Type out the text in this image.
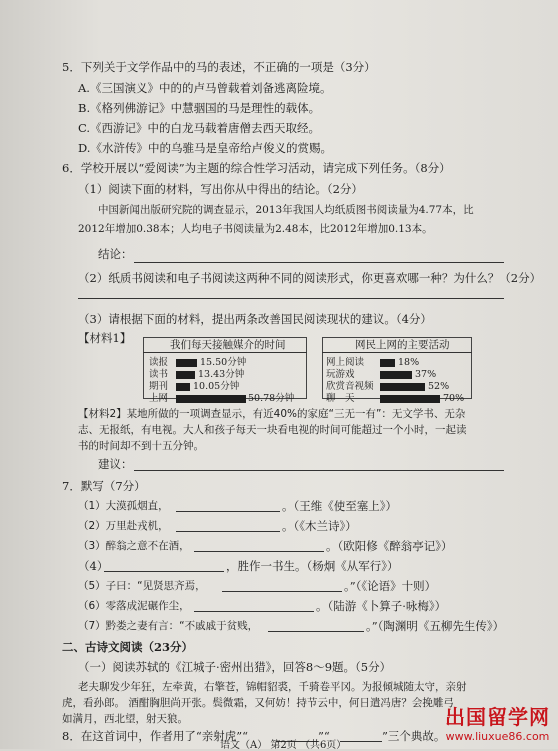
5．下列关于文学作品中的马的表述，不正确的一项是（3分）
A.《三国演义》中的的卢马曾载着刘备逃离险境。
B.《格列佛游记》中慧骃国的马是理性的载体。
C.《西游记》中的白龙马载着唐僧去西天取经。
D.《水浒传》中的乌骓马是皇帝给卢俊义的赏赐。
6．学校开展以“爱阅读”为主题的综合性学习活动，请完成下列任务。（8分）
（1）阅读下面的材料，写出你从中得出的结论。（2分）
中国新闻出版研究院的调查显示，2013年我国人均纸质图书阅读量为4.77本，比
2012年增加0.38本；人均电子书阅读量为2.48本，比2012年增加0.13本。
结论：
（2）纸质书阅读和电子书阅读这两种不同的阅读形式，你更喜欢哪一种？为什么？（2分）
（3）请根据下面的材料，提出两条改善国民阅读现状的建议。（4分）
【材料1】	我们每天接触媒介的时间
读报	15.50分钟
读书	13.43分钟
期刊	10.05分钟
上网	50.78分钟
网民上网的主要活动
网上阅读	18%
玩游戏	37%
欣赏音视频	52%
聊　天	70%
【材料2】某地所做的一项调查显示，有近40%的家庭“三无一有”：无文学书、无杂
志、无报纸，有电视。大人和孩子每天一块看电视的时间可能超过一个小时，一起读
书的时间却不到十五分钟。
建议：
7．默写（7分）
（1）大漠孤烟直，	。（王维《使至塞上》）
（2）万里赴戎机，	。（《木兰诗》）
（3）醉翁之意不在酒，	。（欧阳修《醉翁亭记》）
（4）	，胜作一书生。（杨炯《从军行》）
（5）子曰：“见贤思齐焉，	。”（《论语》十则）
（6）零落成泥碾作尘，	。（陆游《卜算子·咏梅》）
（7）黔娄之妻有言：“不戚戚于贫贱，	。”（陶渊明《五柳先生传》）
二、古诗文阅读（23分）
（一）阅读苏轼的《江城子·密州出猎》，回答8～9题。（5分）
老夫聊发少年狂，左牵黄，右擎苍，锦帽貂裘，千骑卷平冈。为报倾城随太守，亲射
虎，看孙郎。 酒酣胸胆尚开张。鬓微霜，又何妨！持节云中，何日遣冯唐？会挽雕弓
如满月，西北望，射天狼。
8．在这首词中，作者用了“亲射虎”“	”“	”三个典故。
语文（A） 第2页 （共6页）
出国留学网
www.liuxue86.com
